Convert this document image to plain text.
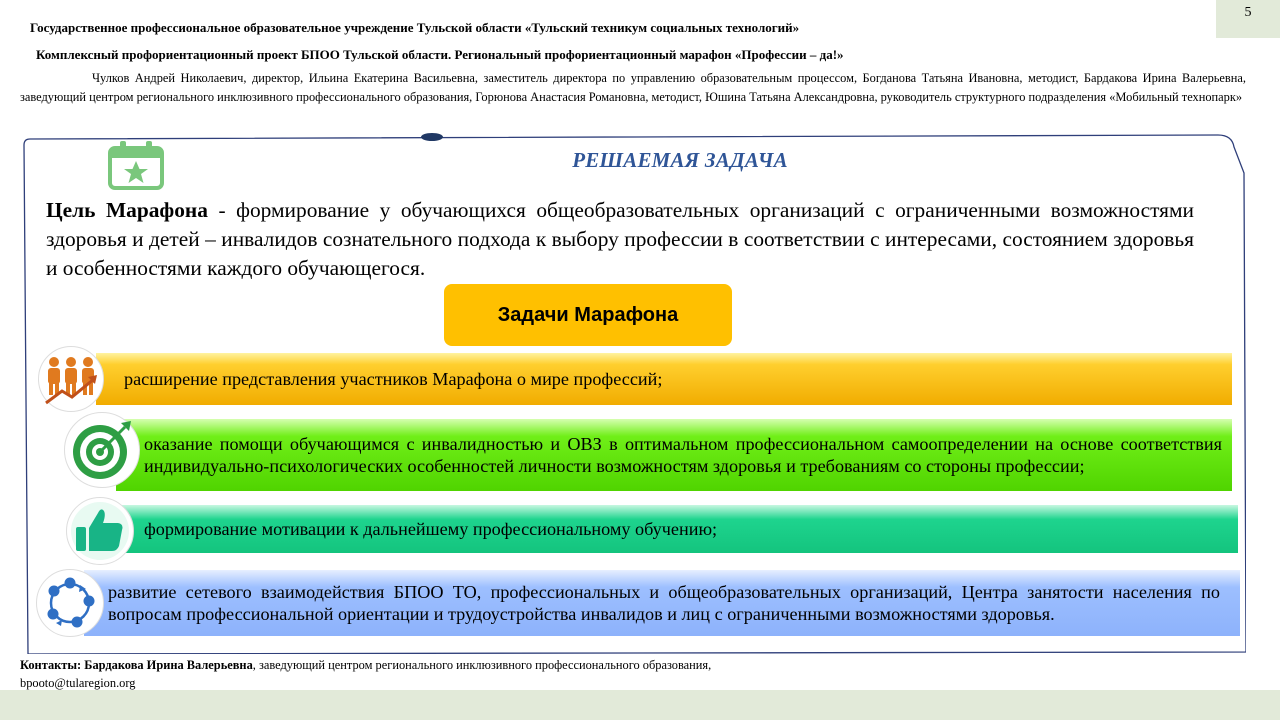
Государственное профессиональное образовательное учреждение Тульской области «Тульский техникум социальных технологий»
Комплексный профориентационный проект БПОО Тульской области. Региональный профориентационный марафон «Профессии – да!»
Чулков Андрей Николаевич, директор, Ильина Екатерина Васильевна, заместитель директора по управлению образовательным процессом, Богданова Татьяна Ивановна, методист, Бардакова Ирина Валерьевна, заведующий центром регионального инклюзивного профессионального образования, Горюнова Анастасия Романовна, методист, Юшина Татьяна Александровна, руководитель структурного подразделения «Мобильный технопарк»
5
РЕШАЕМАЯ ЗАДАЧА
Цель Марафона - формирование у обучающихся общеобразовательных организаций с ограниченными возможностями здоровья и детей – инвалидов сознательного подхода к выбору профессии в соответствии с интересами, состоянием здоровья и особенностями каждого обучающегося.
Задачи Марафона
расширение представления участников Марафона о мире профессий;
оказание помощи обучающимся с инвалидностью и ОВЗ в оптимальном профессиональном самоопределении на основе соответствия индивидуально-психологических особенностей личности возможностям здоровья и требованиям со стороны профессии;
формирование мотивации к дальнейшему профессиональному обучению;
развитие сетевого взаимодействия БПОО ТО, профессиональных и общеобразовательных организаций, Центра занятости населения по вопросам профессиональной ориентации и трудоустройства инвалидов и лиц с ограниченными возможностями здоровья.
Контакты: Бардакова Ирина Валерьевна, заведующий центром регионального инклюзивного профессионального образования,
bpooto@tularegion.org
